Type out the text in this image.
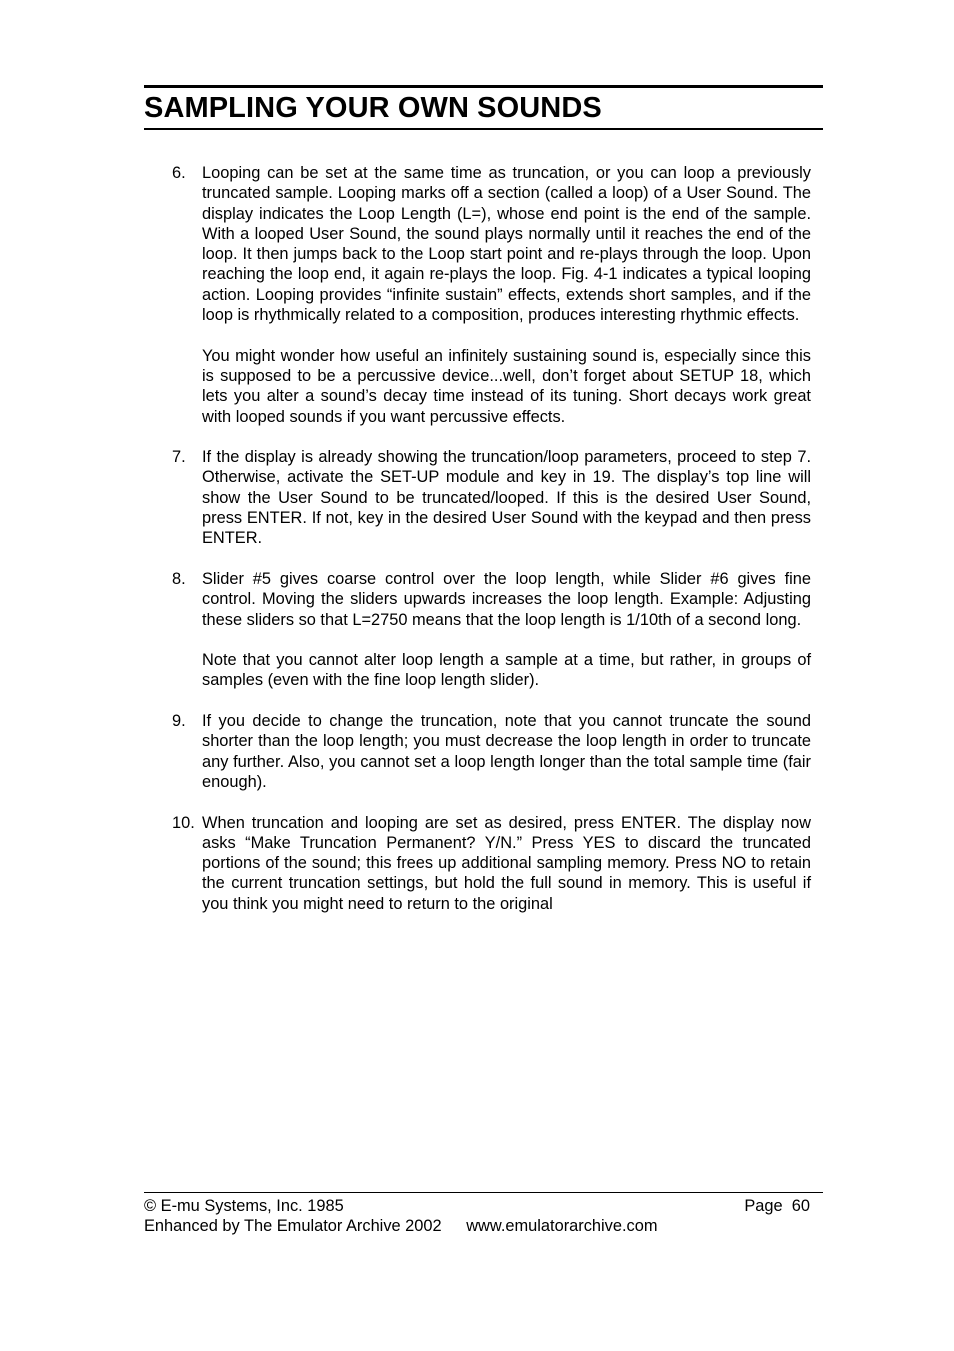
SAMPLING YOUR OWN SOUNDS
6. Looping can be set at the same time as truncation, or you can loop a previously truncated sample. Looping marks off a section (called a loop) of a User Sound. The display indicates the Loop Length (L=), whose end point is the end of the sample. With a looped User Sound, the sound plays normally until it reaches the end of the loop. It then jumps back to the Loop start point and re-plays through the loop. Upon reaching the loop end, it again re-plays the loop. Fig. 4-1 indicates a typical looping action. Looping provides “infinite sustain” effects, extends short samples, and if the loop is rhythmically related to a composition, produces interesting rhythmic effects.

You might wonder how useful an infinitely sustaining sound is, especially since this is supposed to be a percussive device...well, don’t forget about SETUP 18, which lets you alter a sound’s decay time instead of its tuning. Short decays work great with looped sounds if you want percussive effects.

7. If the display is already showing the truncation/loop parameters, proceed to step 7. Otherwise, activate the SET-UP module and key in 19. The display’s top line will show the User Sound to be truncated/looped. If this is the desired User Sound, press ENTER. If not, key in the desired User Sound with the keypad and then press ENTER.

8. Slider #5 gives coarse control over the loop length, while Slider #6 gives fine control. Moving the sliders upwards increases the loop length. Example: Adjusting these sliders so that L=2750 means that the loop length is 1/10th of a second long.

Note that you cannot alter loop length a sample at a time, but rather, in groups of samples (even with the fine loop length slider).

9. If you decide to change the truncation, note that you cannot truncate the sound shorter than the loop length; you must decrease the loop length in order to truncate any further. Also, you cannot set a loop length longer than the total sample time (fair enough).

10. When truncation and looping are set as desired, press ENTER. The display now asks “Make Truncation Permanent? Y/N.” Press YES to discard the truncated portions of the sound; this frees up additional sampling memory. Press NO to retain the current truncation settings, but hold the full sound in memory. This is useful if you think you might need to return to the original

© E-mu Systems, Inc. 1985	Page  60
Enhanced by The Emulator Archive 2002 www.emulatorarchive.com
